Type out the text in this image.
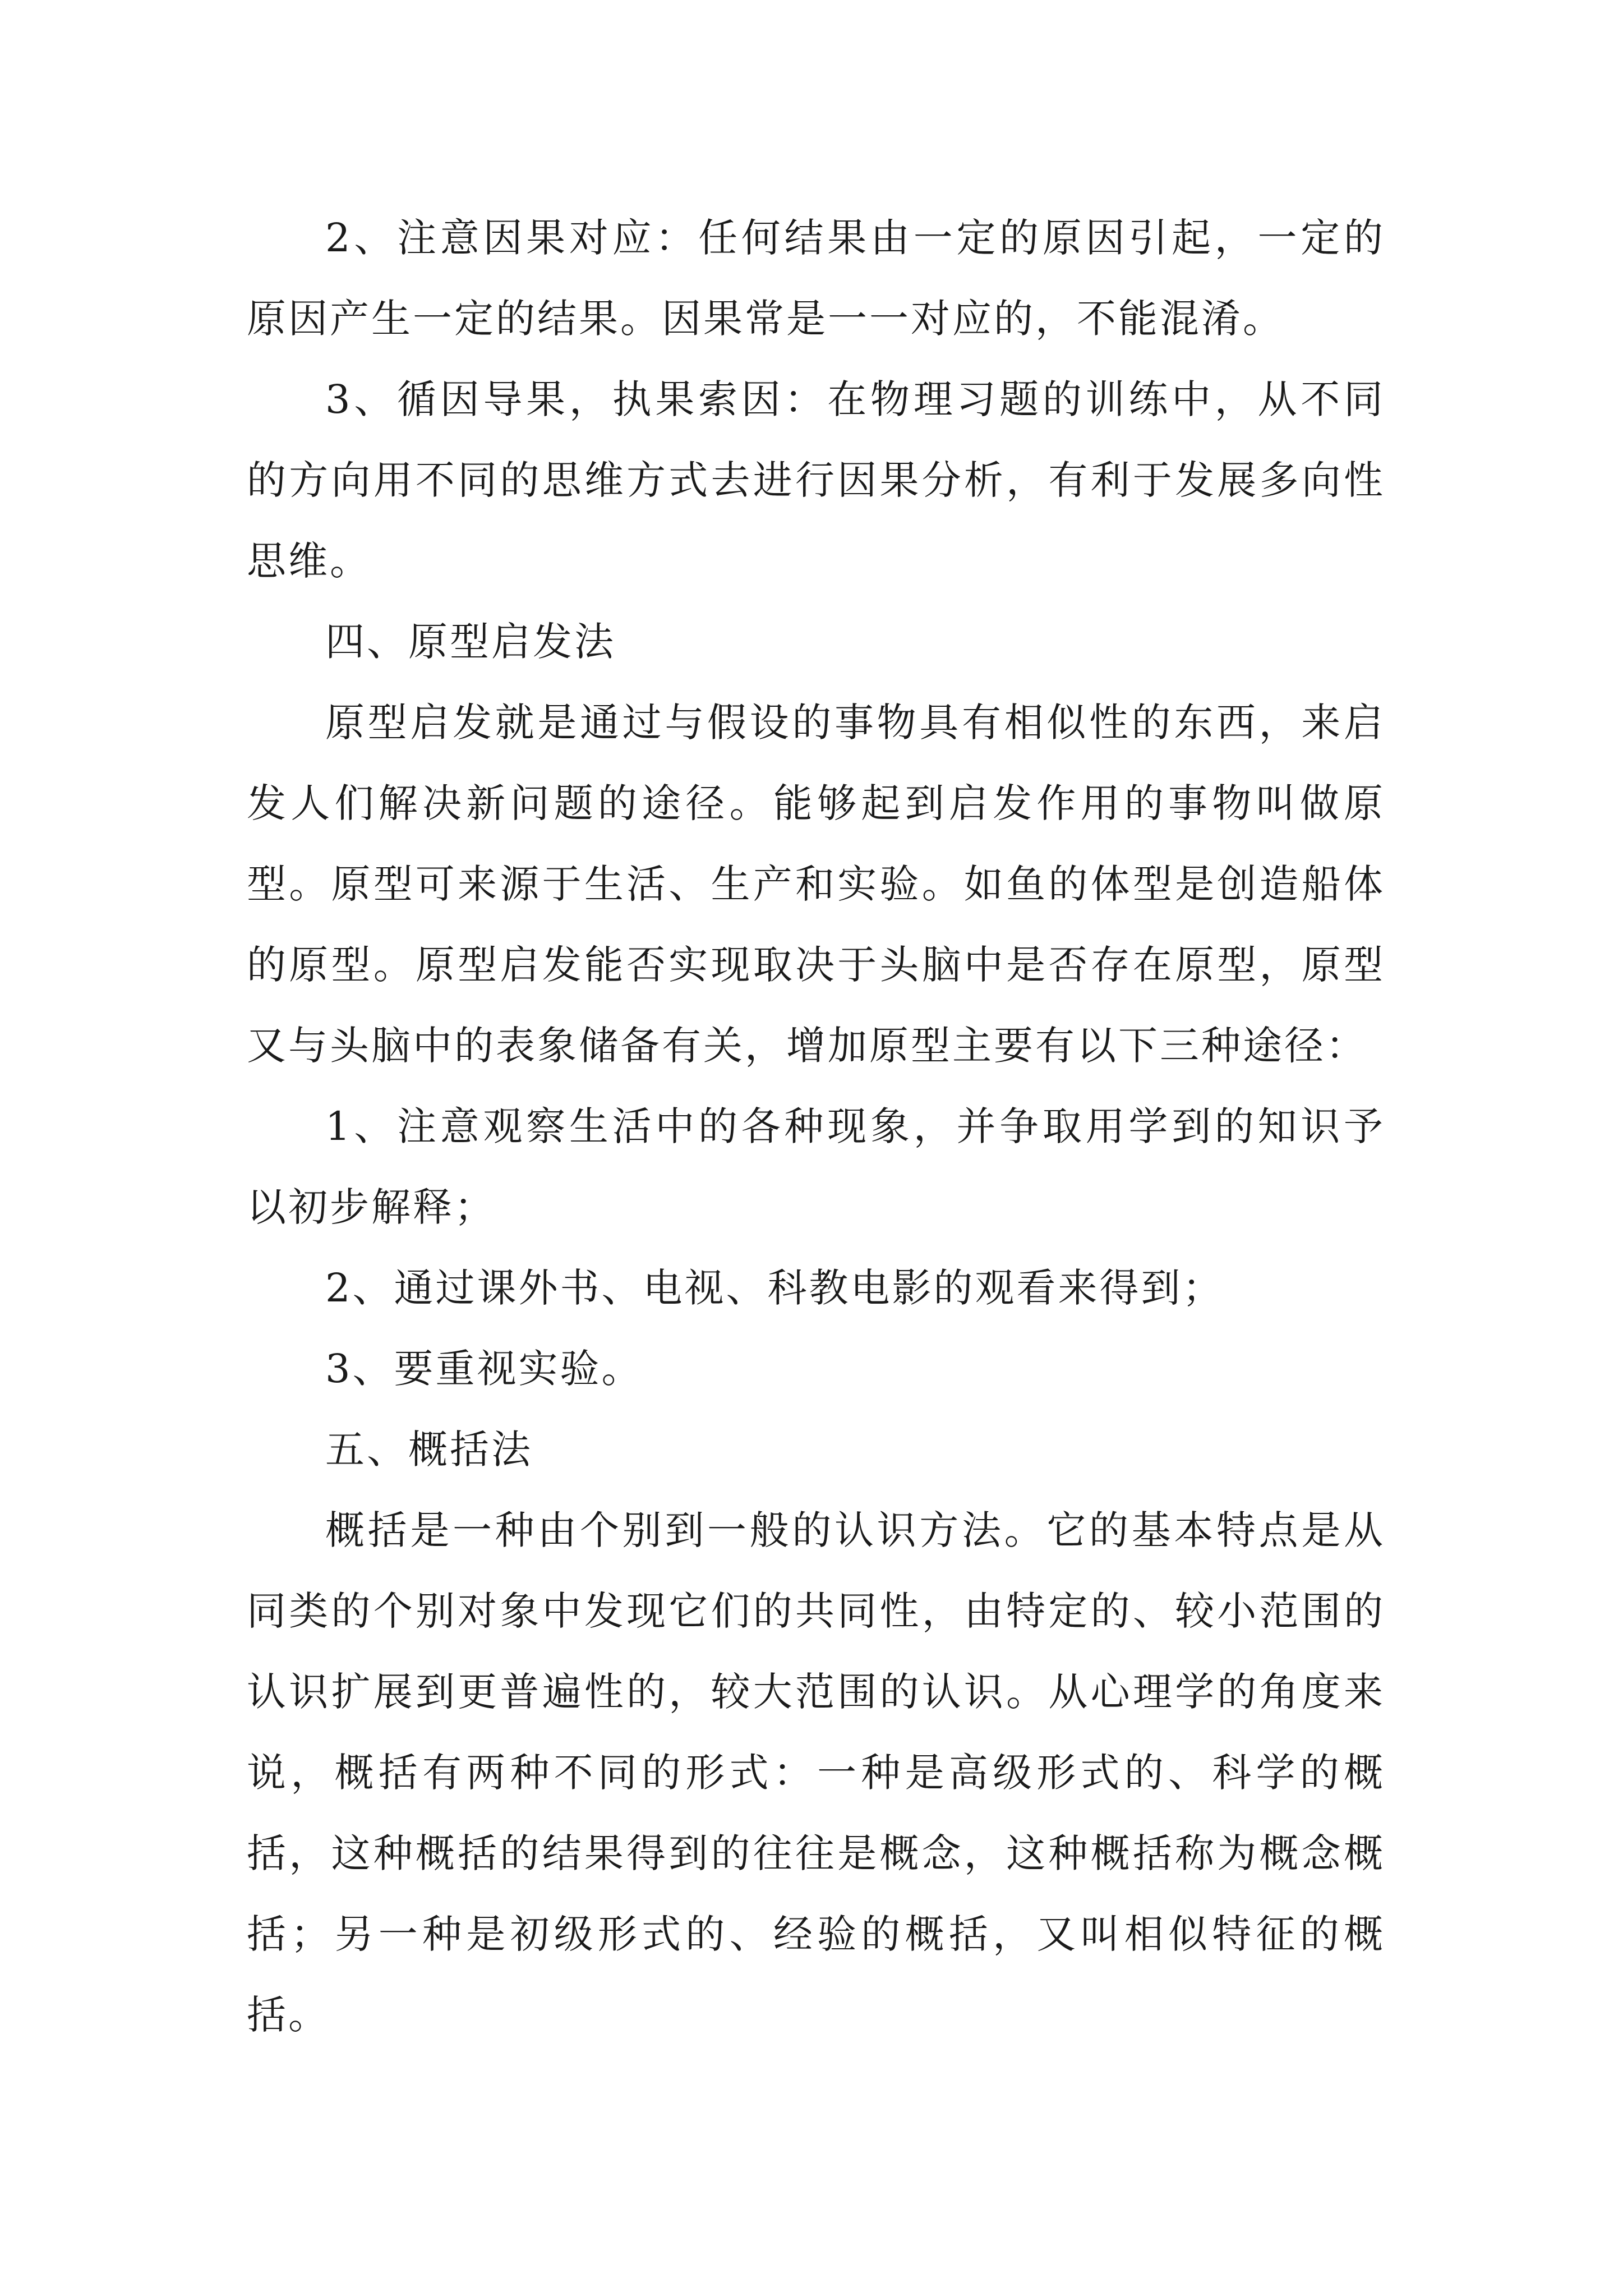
2、注意因果对应：任何结果由一定的原因引起，一定的原因产生一定的结果。因果常是一一对应的，不能混淆。

3、循因导果，执果索因：在物理习题的训练中，从不同的方向用不同的思维方式去进行因果分析，有利于发展多向性思维。

四、原型启发法

原型启发就是通过与假设的事物具有相似性的东西，来启发人们解决新问题的途径。能够起到启发作用的事物叫做原型。原型可来源于生活、生产和实验。如鱼的体型是创造船体的原型。原型启发能否实现取决于头脑中是否存在原型，原型又与头脑中的表象储备有关，增加原型主要有以下三种途径：

1、注意观察生活中的各种现象，并争取用学到的知识予以初步解释；

2、通过课外书、电视、科教电影的观看来得到；

3、要重视实验。

五、概括法

概括是一种由个别到一般的认识方法。它的基本特点是从同类的个别对象中发现它们的共同性，由特定的、较小范围的认识扩展到更普遍性的，较大范围的认识。从心理学的角度来说，概括有两种不同的形式：一种是高级形式的、科学的概括，这种概括的结果得到的往往是概念，这种概括称为概念概括；另一种是初级形式的、经验的概括，又叫相似特征的概括。
